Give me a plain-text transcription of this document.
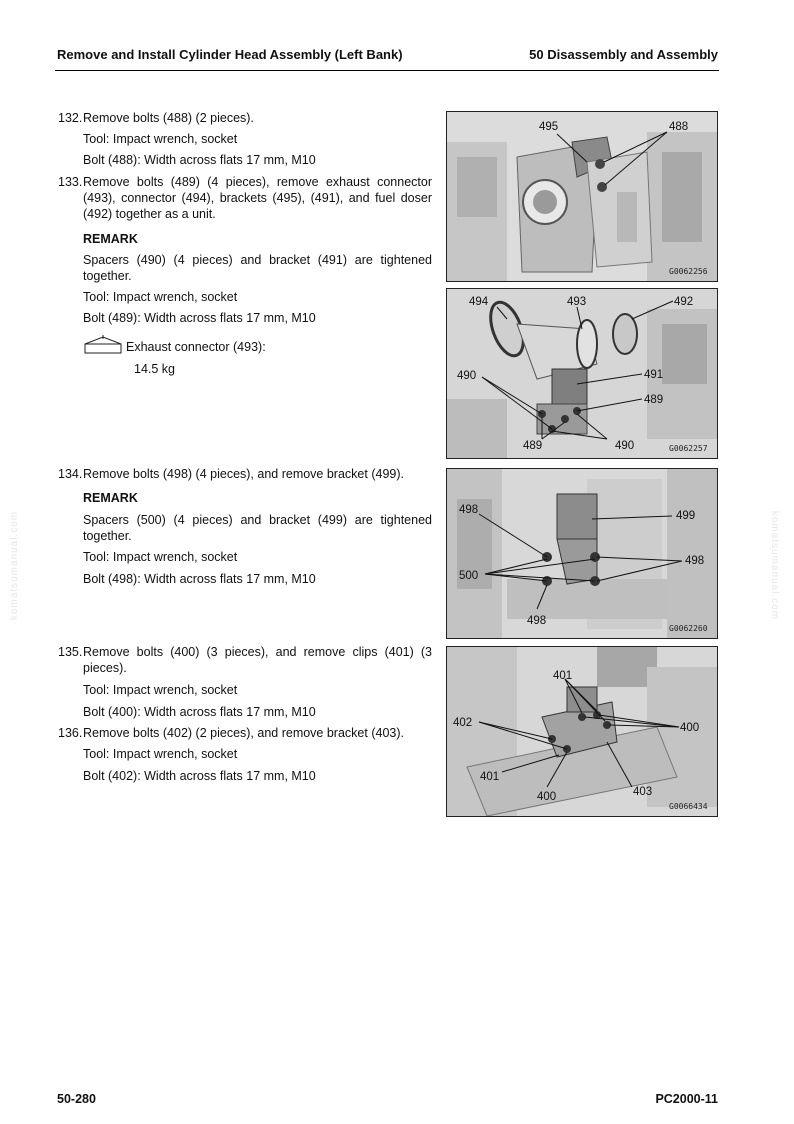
Remove and Install Cylinder Head Assembly (Left Bank)	50 Disassembly and Assembly
132. Remove bolts (488) (2 pieces).
Tool: Impact wrench, socket
Bolt (488): Width across flats 17 mm, M10
133. Remove bolts (489) (4 pieces), remove exhaust connector (493), connector (494), brackets (495), (491), and fuel doser (492) together as a unit.
REMARK
Spacers (490) (4 pieces) and bracket (491) are tightened together.
Tool: Impact wrench, socket
Bolt (489): Width across flats 17 mm, M10
Exhaust connector (493):
14.5 kg
134. Remove bolts (498) (4 pieces), and remove bracket (499).
REMARK
Spacers (500) (4 pieces) and bracket (499) are tightened together.
Tool: Impact wrench, socket
Bolt (498): Width across flats 17 mm, M10
135. Remove bolts (400) (3 pieces), and remove clips (401) (3 pieces).
Tool: Impact wrench, socket
Bolt (400): Width across flats 17 mm, M10
136. Remove bolts (402) (2 pieces), and remove bracket (403).
Tool: Impact wrench, socket
Bolt (402): Width across flats 17 mm, M10
495	488
G0062256
494	493	492
490	491
489
489	490	G0062257
498	499
500
498
498
G0062260
401
402	400
401
400	403
G0066434
komatsumanual.com	komatsumanual.com
50-280	PC2000-11
